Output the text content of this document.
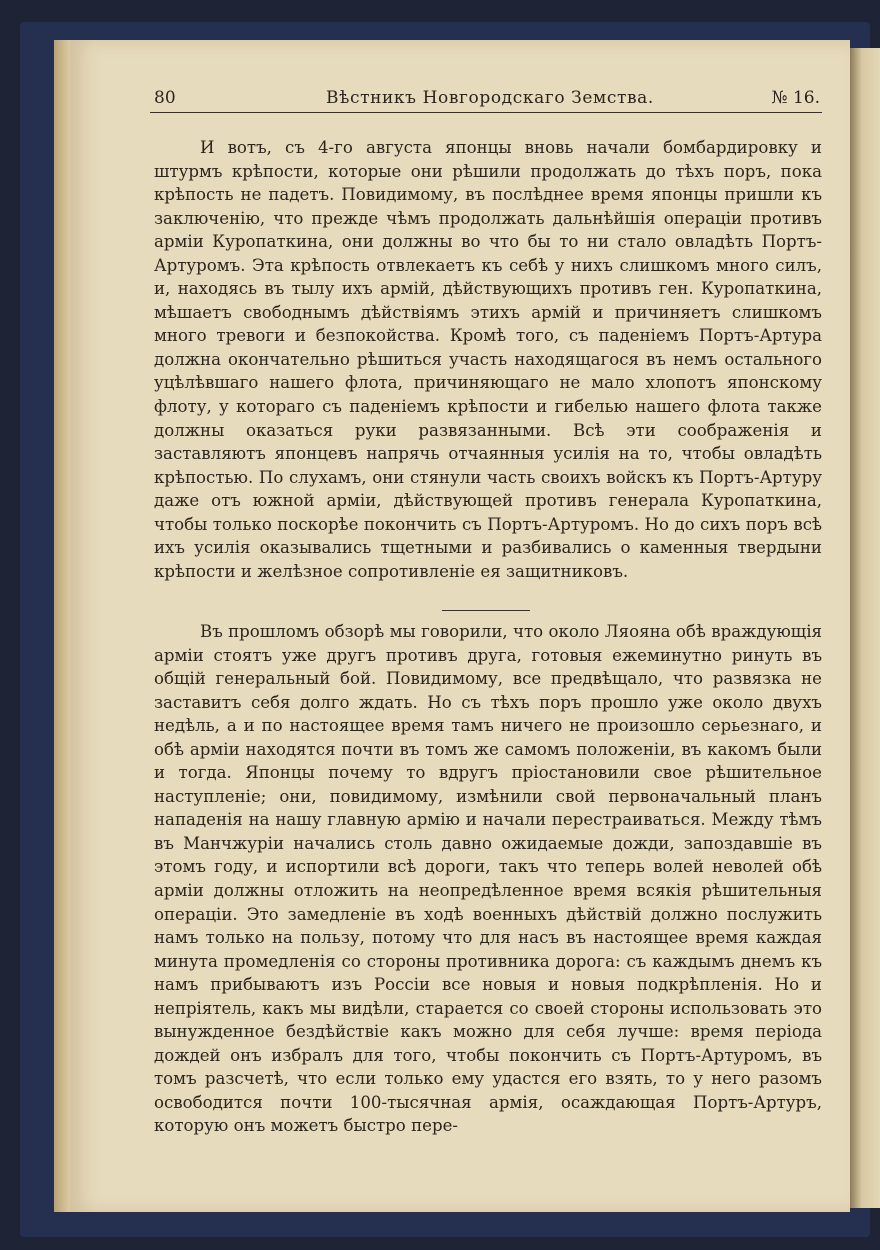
80	Вѣстникъ Новгородскаго Земства.	№ 16.

И вотъ, съ 4-го августа японцы вновь начали бомбардировку и штурмъ крѣпости, которые они рѣшили продолжать до тѣхъ поръ, пока крѣпость не падетъ. Повидимому, въ послѣднее время японцы пришли къ заключенію, что прежде чѣмъ продолжать дальнѣйшія операціи противъ арміи Куропаткина, они должны во что бы то ни стало овладѣть Портъ-Артуромъ. Эта крѣпость отвлекаетъ къ себѣ у нихъ слишкомъ много силъ, и, находясь въ тылу ихъ армій, дѣйствующихъ противъ ген. Куропаткина, мѣшаетъ свободнымъ дѣйствіямъ этихъ армій и причиняетъ слишкомъ много тревоги и безпокойства. Кромѣ того, съ паденіемъ Портъ-Артура должна окончательно рѣшиться участь находящагося въ немъ остального уцѣлѣвшаго нашего флота, причиняющаго не мало хлопотъ японскому флоту, у котораго съ паденіемъ крѣпости и гибелью нашего флота также должны оказаться руки развязанными. Всѣ эти соображенія и заставляютъ японцевъ напрячь отчаянныя усилія на то, чтобы овладѣть крѣпостью. По слухамъ, они стянули часть своихъ войскъ къ Портъ-Артуру даже отъ южной арміи, дѣйствующей противъ генерала Куропаткина, чтобы только поскорѣе покончить съ Портъ-Артуромъ. Но до сихъ поръ всѣ ихъ усилія оказывались тщетными и разбивались о каменныя твердыни крѣпости и желѣзное сопротивленіе ея защитниковъ.

Въ прошломъ обзорѣ мы говорили, что около Ляояна обѣ враждующія арміи стоятъ уже другъ противъ друга, готовыя ежеминутно ринуть въ общій генеральный бой. Повидимому, все предвѣщало, что развязка не заставитъ себя долго ждать. Но съ тѣхъ поръ прошло уже около двухъ недѣль, а и по настоящее время тамъ ничего не произошло серьезнаго, и обѣ арміи находятся почти въ томъ же самомъ положеніи, въ какомъ были и тогда. Японцы почему то вдругъ пріостановили свое рѣшительное наступленіе; они, повидимому, измѣнили свой первоначальный планъ нападенія на нашу главную армію и начали перестраиваться. Между тѣмъ въ Манчжуріи начались столь давно ожидаемые дожди, запоздавшіе въ этомъ году, и испортили всѣ дороги, такъ что теперь волей неволей обѣ арміи должны отложить на неопредѣленное время всякія рѣшительныя операціи. Это замедленіе въ ходѣ военныхъ дѣйствій должно послужить намъ только на пользу, потому что для насъ въ настоящее время каждая минута промедленія со стороны противника дорога: съ каждымъ днемъ къ намъ прибываютъ изъ Россіи все новыя и новыя подкрѣпленія. Но и непріятель, какъ мы видѣли, старается со своей стороны использовать это вынужденное бездѣйствіе какъ можно для себя лучше: время періода дождей онъ избралъ для того, чтобы покончить съ Портъ-Артуромъ, въ томъ разсчетѣ, что если только ему удастся его взять, то у него разомъ освободится почти 100-тысячная армія, осаждающая Портъ-Артуръ, которую онъ можетъ быстро пере-
